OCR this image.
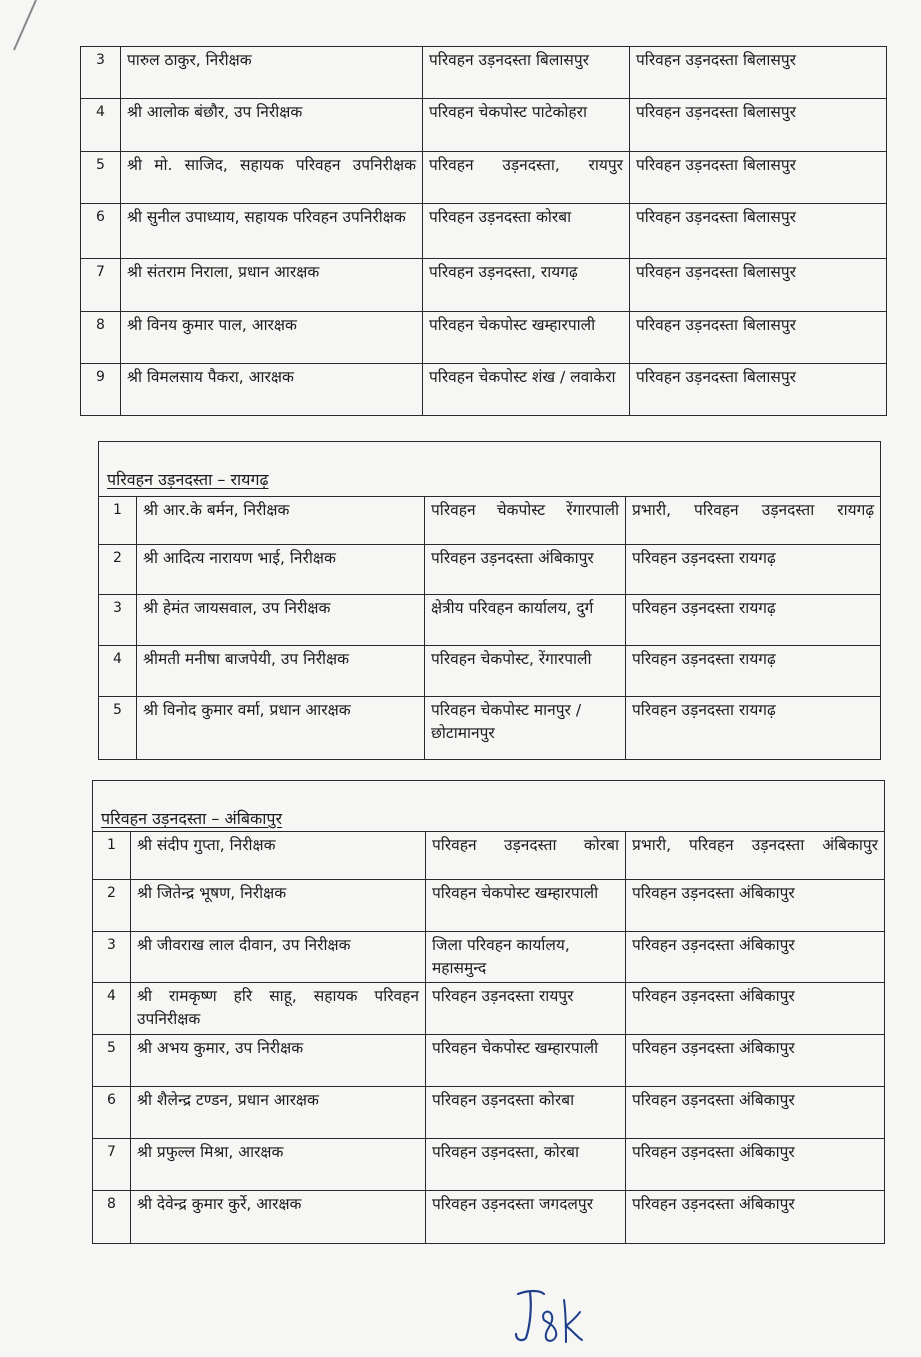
3	पारुल ठाकुर, निरीक्षक	परिवहन उड़नदस्ता बिलासपुर	परिवहन उड़नदस्ता बिलासपुर
4	श्री आलोक बंछौर, उप निरीक्षक	परिवहन चेकपोस्ट पाटेकोहरा	परिवहन उड़नदस्ता बिलासपुर
5	श्री मो. साजिद, सहायक परिवहन उपनिरीक्षक	परिवहन उड़नदस्ता, रायपुर	परिवहन उड़नदस्ता बिलासपुर
6	श्री सुनील उपाध्याय, सहायक परिवहन उपनिरीक्षक	परिवहन उड़नदस्ता कोरबा	परिवहन उड़नदस्ता बिलासपुर
7	श्री संतराम निराला, प्रधान आरक्षक	परिवहन उड़नदस्ता, रायगढ़	परिवहन उड़नदस्ता बिलासपुर
8	श्री विनय कुमार पाल, आरक्षक	परिवहन चेकपोस्ट खम्हारपाली	परिवहन उड़नदस्ता बिलासपुर
9	श्री विमलसाय पैकरा, आरक्षक	परिवहन चेकपोस्ट शंख / लवाकेरा	परिवहन उड़नदस्ता बिलासपुर
परिवहन उड़नदस्ता – रायगढ़			
1	श्री आर.के बर्मन, निरीक्षक	परिवहन चेकपोस्ट रेंगारपाली	प्रभारी, परिवहन उड़नदस्ता रायगढ़
2	श्री आदित्य नारायण भाई, निरीक्षक	परिवहन उड़नदस्ता अंबिकापुर	परिवहन उड़नदस्ता रायगढ़
3	श्री हेमंत जायसवाल, उप निरीक्षक	क्षेत्रीय परिवहन कार्यालय, दुर्ग	परिवहन उड़नदस्ता रायगढ़
4	श्रीमती मनीषा बाजपेयी, उप निरीक्षक	परिवहन चेकपोस्ट, रेंगारपाली	परिवहन उड़नदस्ता रायगढ़
5	श्री विनोद कुमार वर्मा, प्रधान आरक्षक	परिवहन चेकपोस्ट मानपुर / छोटामानपुर	परिवहन उड़नदस्ता रायगढ़
परिवहन उड़नदस्ता – अंबिकापुर			
1	श्री संदीप गुप्ता, निरीक्षक	परिवहन उड़नदस्ता कोरबा	प्रभारी, परिवहन उड़नदस्ता अंबिकापुर
2	श्री जितेन्द्र भूषण, निरीक्षक	परिवहन चेकपोस्ट खम्हारपाली	परिवहन उड़नदस्ता अंबिकापुर
3	श्री जीवराख लाल दीवान, उप निरीक्षक	जिला परिवहन कार्यालय, महासमुन्द	परिवहन उड़नदस्ता अंबिकापुर
4	श्री रामकृष्ण हरि साहू, सहायक परिवहन उपनिरीक्षक	परिवहन उड़नदस्ता रायपुर	परिवहन उड़नदस्ता अंबिकापुर
5	श्री अभय कुमार, उप निरीक्षक	परिवहन चेकपोस्ट खम्हारपाली	परिवहन उड़नदस्ता अंबिकापुर
6	श्री शैलेन्द्र टण्डन, प्रधान आरक्षक	परिवहन उड़नदस्ता कोरबा	परिवहन उड़नदस्ता अंबिकापुर
7	श्री प्रफुल्ल मिश्रा, आरक्षक	परिवहन उड़नदस्ता, कोरबा	परिवहन उड़नदस्ता अंबिकापुर
8	श्री देवेन्द्र कुमार कुर्रे, आरक्षक	परिवहन उड़नदस्ता जगदलपुर	परिवहन उड़नदस्ता अंबिकापुर
